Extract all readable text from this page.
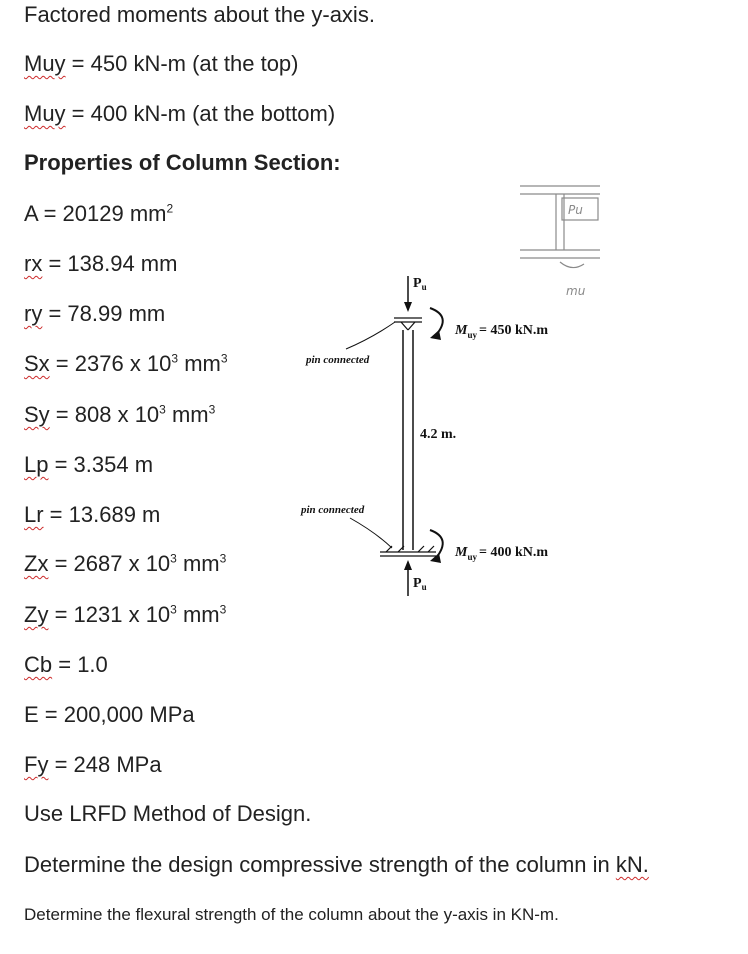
Factored moments about the y-axis.
Muy = 450 kN-m (at the top)
Muy = 400 kN-m (at the bottom)
Properties of Column Section:
A = 20129 $mm^2$
rx = 138.94 mm
ry = 78.99 mm
Sx = 2376 x $10^3$ $mm^3$
Sy = 808 x $10^3$ $mm^3$
Lp = 3.354 m
Lr = 13.689 m
Zx = 2687 x $10^3$ $mm^3$
Zy = 1231 x $10^3$ $mm^3$
Cb = 1.0
E = 200,000 MPa
Fy = 248 MPa
Use LRFD Method of Design.
Determine the design compressive strength of the column in kN.
Determine the flexural strength of the column about the y-axis in KN-m.
$P_u$
$P_u$
$M_{uy} = 450$ kN.m
$M_{uy} = 400$ kN.m
4.2 m.
pin connected
pin connected
Pu
mu
